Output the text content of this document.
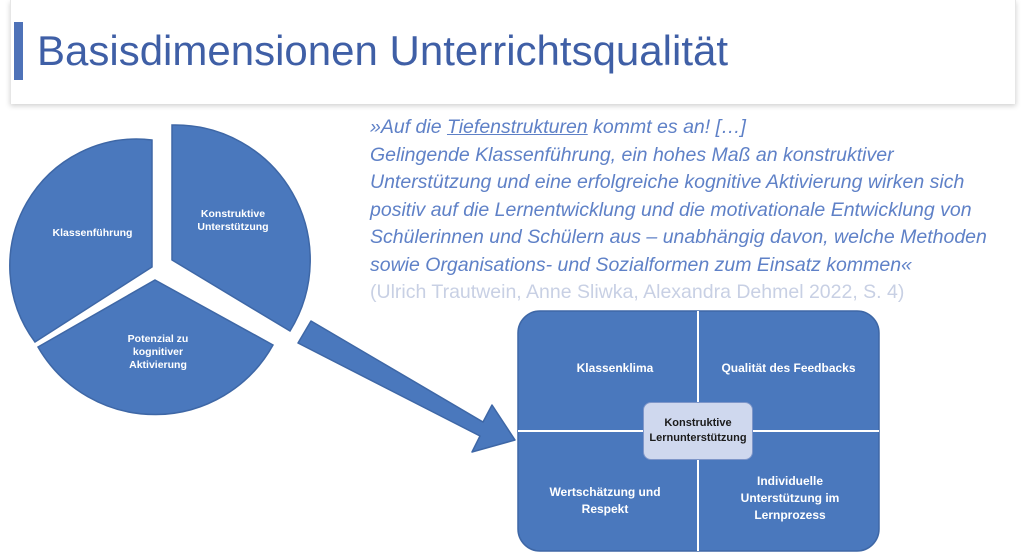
Basisdimensionen Unterrichtsqualität
Klassenführung
Konstruktive
Unterstützung
Potenzial zu
kognitiver
Aktivierung
»Auf die Tiefenstrukturen kommt es an! […]
Gelingende Klassenführung, ein hohes Maß an konstruktiver
Unterstützung und eine erfolgreiche kognitive Aktivierung wirken sich
positiv auf die Lernentwicklung und die motivationale Entwicklung von
Schülerinnen und Schülern aus – unabhängig davon, welche Methoden
sowie Organisations- und Sozialformen zum Einsatz kommen«
(Ulrich Trautwein, Anne Sliwka, Alexandra Dehmel 2022, S. 4)
Klassenklima	Qualität des Feedbacks
Wertschätzung und
Respekt
Individuelle
Unterstützung im
Lernprozess
Konstruktive
Lernunterstützung
